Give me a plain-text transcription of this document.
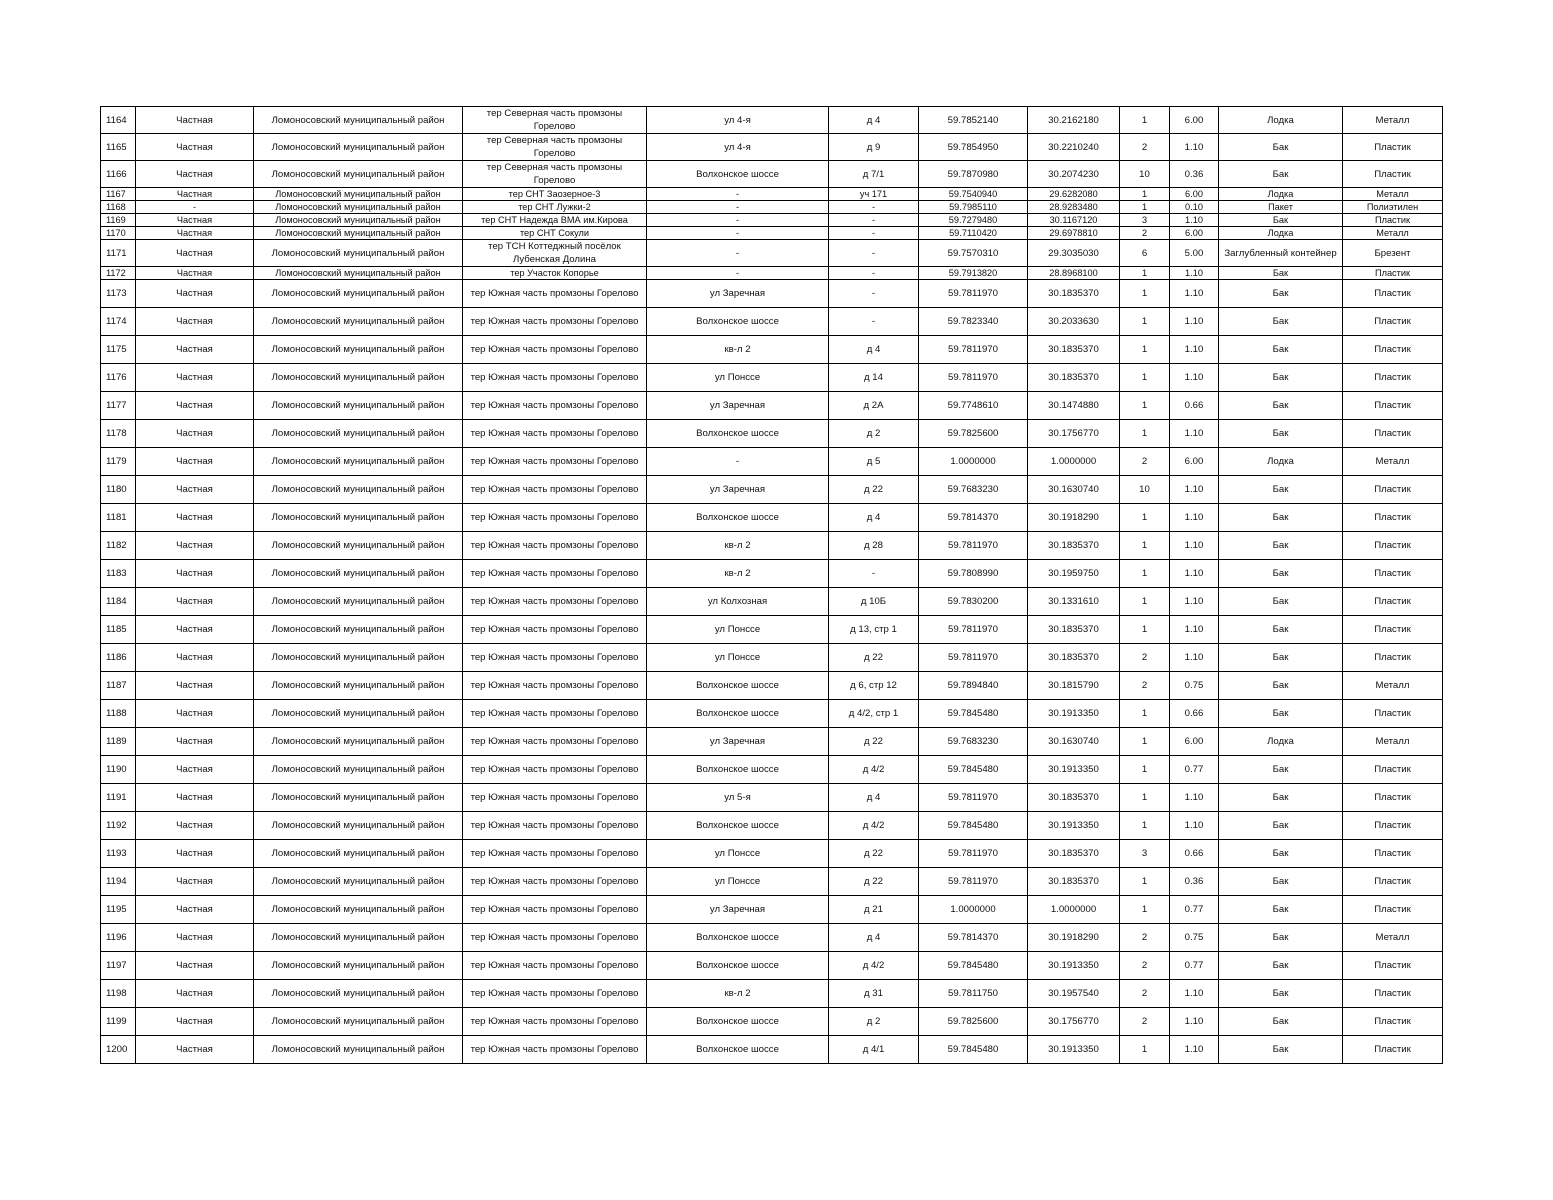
1164	Частная	Ломоносовский муниципальный район	тер Северная часть промзоны Горелово	ул 4-я	д 4	59.7852140	30.2162180	1	6.00	Лодка	Металл
1165	Частная	Ломоносовский муниципальный район	тер Северная часть промзоны Горелово	ул 4-я	д 9	59.7854950	30.2210240	2	1.10	Бак	Пластик
1166	Частная	Ломоносовский муниципальный район	тер Северная часть промзоны Горелово	Волхонское шоссе	д 7/1	59.7870980	30.2074230	10	0.36	Бак	Пластик
1167	Частная	Ломоносовский муниципальный район	тер СНТ Заозерное-3	-	уч 171	59.7540940	29.6282080	1	6.00	Лодка	Металл
1168	-	Ломоносовский муниципальный район	тер СНТ Лужки-2	-	-	59.7985110	28.9283480	1	0.10	Пакет	Полиэтилен
1169	Частная	Ломоносовский муниципальный район	тер СНТ Надежда ВМА им.Кирова	-	-	59.7279480	30.1167120	3	1.10	Бак	Пластик
1170	Частная	Ломоносовский муниципальный район	тер СНТ Сокули	-	-	59.7110420	29.6978810	2	6.00	Лодка	Металл
1171	Частная	Ломоносовский муниципальный район	тер ТСН Коттеджный посёлок Лубенская Долина	-	-	59.7570310	29.3035030	6	5.00	Заглубленный контейнер	Брезент
1172	Частная	Ломоносовский муниципальный район	тер Участок Копорье	-	-	59.7913820	28.8968100	1	1.10	Бак	Пластик
1173	Частная	Ломоносовский муниципальный район	тер Южная часть промзоны Горелово	ул Заречная	-	59.7811970	30.1835370	1	1.10	Бак	Пластик
1174	Частная	Ломоносовский муниципальный район	тер Южная часть промзоны Горелово	Волхонское шоссе	-	59.7823340	30.2033630	1	1.10	Бак	Пластик
1175	Частная	Ломоносовский муниципальный район	тер Южная часть промзоны Горелово	кв-л 2	д 4	59.7811970	30.1835370	1	1.10	Бак	Пластик
1176	Частная	Ломоносовский муниципальный район	тер Южная часть промзоны Горелово	ул Понссе	д 14	59.7811970	30.1835370	1	1.10	Бак	Пластик
1177	Частная	Ломоносовский муниципальный район	тер Южная часть промзоны Горелово	ул Заречная	д 2А	59.7748610	30.1474880	1	0.66	Бак	Пластик
1178	Частная	Ломоносовский муниципальный район	тер Южная часть промзоны Горелово	Волхонское шоссе	д 2	59.7825600	30.1756770	1	1.10	Бак	Пластик
1179	Частная	Ломоносовский муниципальный район	тер Южная часть промзоны Горелово	-	д 5	1.0000000	1.0000000	2	6.00	Лодка	Металл
1180	Частная	Ломоносовский муниципальный район	тер Южная часть промзоны Горелово	ул Заречная	д 22	59.7683230	30.1630740	10	1.10	Бак	Пластик
1181	Частная	Ломоносовский муниципальный район	тер Южная часть промзоны Горелово	Волхонское шоссе	д 4	59.7814370	30.1918290	1	1.10	Бак	Пластик
1182	Частная	Ломоносовский муниципальный район	тер Южная часть промзоны Горелово	кв-л 2	д 28	59.7811970	30.1835370	1	1.10	Бак	Пластик
1183	Частная	Ломоносовский муниципальный район	тер Южная часть промзоны Горелово	кв-л 2	-	59.7808990	30.1959750	1	1.10	Бак	Пластик
1184	Частная	Ломоносовский муниципальный район	тер Южная часть промзоны Горелово	ул Колхозная	д 10Б	59.7830200	30.1331610	1	1.10	Бак	Пластик
1185	Частная	Ломоносовский муниципальный район	тер Южная часть промзоны Горелово	ул Понссе	д 13, стр 1	59.7811970	30.1835370	1	1.10	Бак	Пластик
1186	Частная	Ломоносовский муниципальный район	тер Южная часть промзоны Горелово	ул Понссе	д 22	59.7811970	30.1835370	2	1.10	Бак	Пластик
1187	Частная	Ломоносовский муниципальный район	тер Южная часть промзоны Горелово	Волхонское шоссе	д 6, стр 12	59.7894840	30.1815790	2	0.75	Бак	Металл
1188	Частная	Ломоносовский муниципальный район	тер Южная часть промзоны Горелово	Волхонское шоссе	д 4/2, стр 1	59.7845480	30.1913350	1	0.66	Бак	Пластик
1189	Частная	Ломоносовский муниципальный район	тер Южная часть промзоны Горелово	ул Заречная	д 22	59.7683230	30.1630740	1	6.00	Лодка	Металл
1190	Частная	Ломоносовский муниципальный район	тер Южная часть промзоны Горелово	Волхонское шоссе	д 4/2	59.7845480	30.1913350	1	0.77	Бак	Пластик
1191	Частная	Ломоносовский муниципальный район	тер Южная часть промзоны Горелово	ул 5-я	д 4	59.7811970	30.1835370	1	1.10	Бак	Пластик
1192	Частная	Ломоносовский муниципальный район	тер Южная часть промзоны Горелово	Волхонское шоссе	д 4/2	59.7845480	30.1913350	1	1.10	Бак	Пластик
1193	Частная	Ломоносовский муниципальный район	тер Южная часть промзоны Горелово	ул Понссе	д 22	59.7811970	30.1835370	3	0.66	Бак	Пластик
1194	Частная	Ломоносовский муниципальный район	тер Южная часть промзоны Горелово	ул Понссе	д 22	59.7811970	30.1835370	1	0.36	Бак	Пластик
1195	Частная	Ломоносовский муниципальный район	тер Южная часть промзоны Горелово	ул Заречная	д 21	1.0000000	1.0000000	1	0.77	Бак	Пластик
1196	Частная	Ломоносовский муниципальный район	тер Южная часть промзоны Горелово	Волхонское шоссе	д 4	59.7814370	30.1918290	2	0.75	Бак	Металл
1197	Частная	Ломоносовский муниципальный район	тер Южная часть промзоны Горелово	Волхонское шоссе	д 4/2	59.7845480	30.1913350	2	0.77	Бак	Пластик
1198	Частная	Ломоносовский муниципальный район	тер Южная часть промзоны Горелово	кв-л 2	д 31	59.7811750	30.1957540	2	1.10	Бак	Пластик
1199	Частная	Ломоносовский муниципальный район	тер Южная часть промзоны Горелово	Волхонское шоссе	д 2	59.7825600	30.1756770	2	1.10	Бак	Пластик
1200	Частная	Ломоносовский муниципальный район	тер Южная часть промзоны Горелово	Волхонское шоссе	д 4/1	59.7845480	30.1913350	1	1.10	Бак	Пластик
